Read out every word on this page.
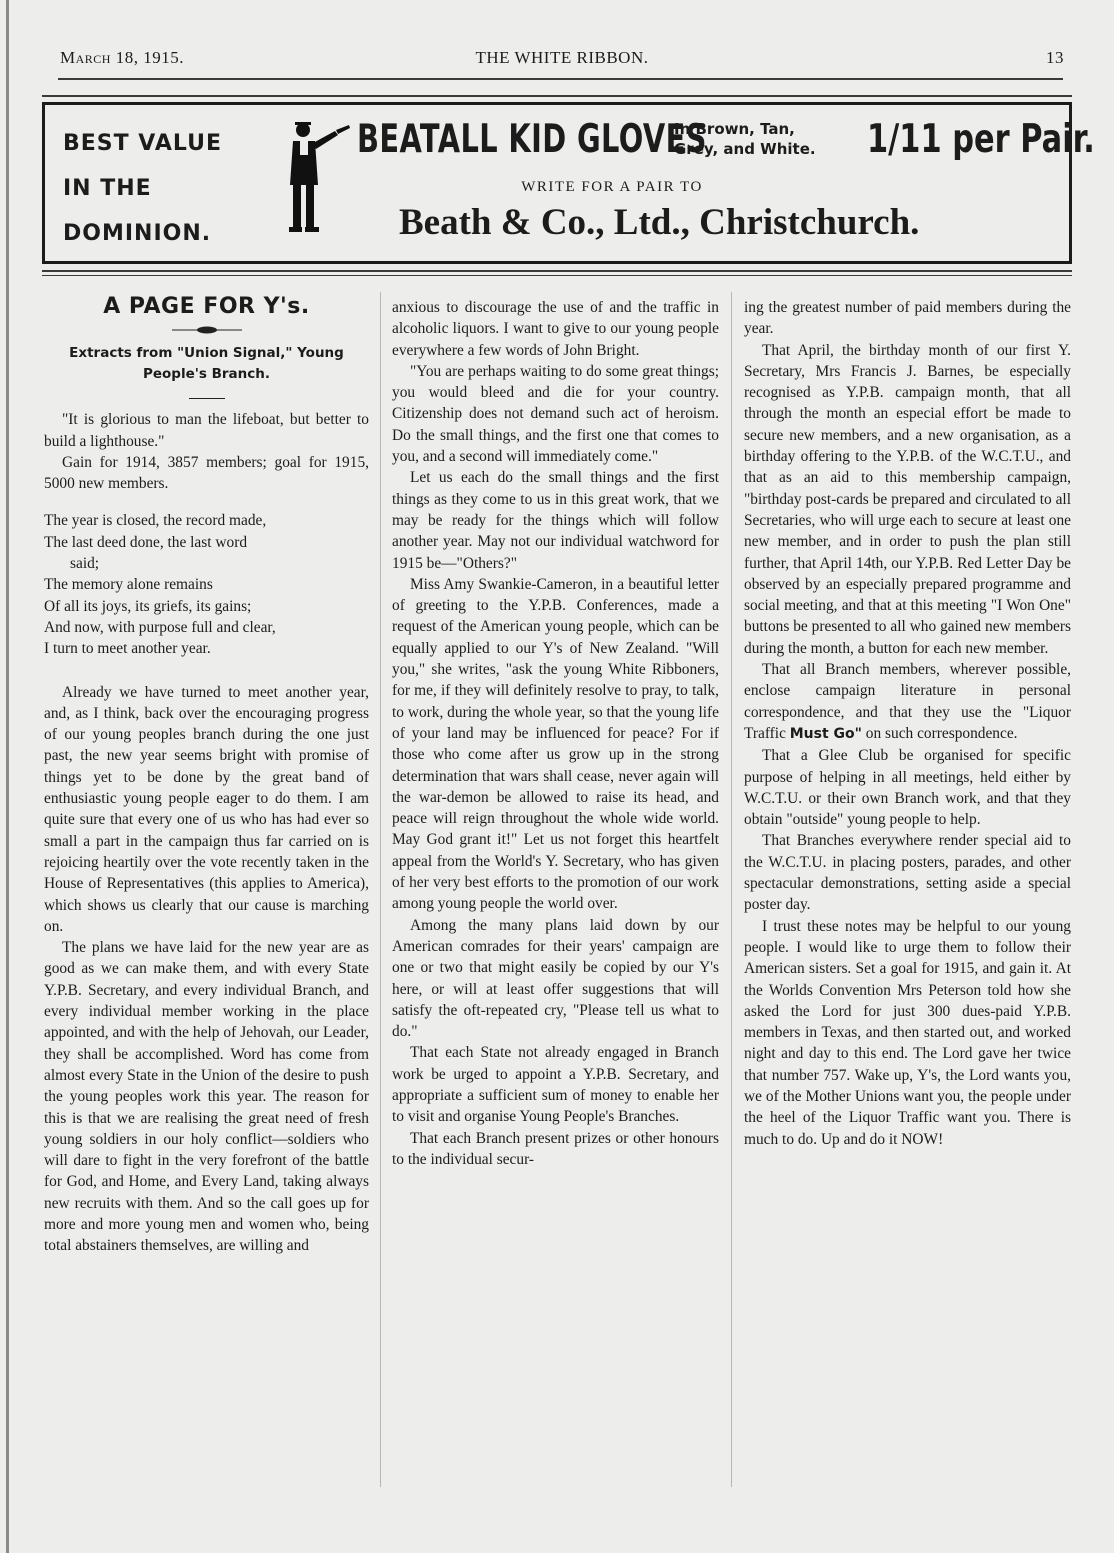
March 18, 1915.	THE WHITE RIBBON.	13
BEST VALUE
IN THE
DOMINION.
BEATALL KID GLOVES
In Brown, Tan,
Grey, and White. 1/11 per Pair.
WRITE FOR A PAIR TO
Beath & Co., Ltd., Christchurch.
A PAGE FOR Y's.
Extracts from "Union Signal," Young
People's Branch.

"It is glorious to man the lifeboat, but better to build a lighthouse."

Gain for 1914, 3857 members; goal for 1915, 5000 new members.

The year is closed, the record made,
The last deed done, the last word
said;
The memory alone remains
Of all its joys, its griefs, its gains;
And now, with purpose full and clear,
I turn to meet another year.

Already we have turned to meet another year, and, as I think, back over the encouraging progress of our young peoples branch during the one just past, the new year seems bright with promise of things yet to be done by the great band of enthusiastic young people eager to do them. I am quite sure that every one of us who has had ever so small a part in the campaign thus far carried on is rejoicing heartily over the vote recently taken in the House of Representatives (this applies to America), which shows us clearly that our cause is marching on.

The plans we have laid for the new year are as good as we can make them, and with every State Y.P.B. Secretary, and every individual Branch, and every individual member working in the place appointed, and with the help of Jehovah, our Leader, they shall be accomplished. Word has come from almost every State in the Union of the desire to push the young peoples work this year. The reason for this is that we are realising the great need of fresh young soldiers in our holy conflict—soldiers who will dare to fight in the very forefront of the battle for God, and Home, and Every Land, taking always new recruits with them. And so the call goes up for more and more young men and women who, being total abstainers themselves, are willing and

anxious to discourage the use of and the traffic in alcoholic liquors. I want to give to our young people everywhere a few words of John Bright.

"You are perhaps waiting to do some great things; you would bleed and die for your country. Citizenship does not demand such act of heroism. Do the small things, and the first one that comes to you, and a second will immediately come."

Let us each do the small things and the first things as they come to us in this great work, that we may be ready for the things which will follow another year. May not our individual watchword for 1915 be—"Others?"

Miss Amy Swankie-Cameron, in a beautiful letter of greeting to the Y.P.B. Conferences, made a request of the American young people, which can be equally applied to our Y's of New Zealand. "Will you," she writes, "ask the young White Ribboners, for me, if they will definitely resolve to pray, to talk, to work, during the whole year, so that the young life of your land may be influenced for peace? For if those who come after us grow up in the strong determination that wars shall cease, never again will the war-demon be allowed to raise its head, and peace will reign throughout the whole wide world. May God grant it!" Let us not forget this heartfelt appeal from the World's Y. Secretary, who has given of her very best efforts to the promotion of our work among young people the world over.

Among the many plans laid down by our American comrades for their years' campaign are one or two that might easily be copied by our Y's here, or will at least offer suggestions that will satisfy the oft-repeated cry, "Please tell us what to do."

That each State not already engaged in Branch work be urged to appoint a Y.P.B. Secretary, and appropriate a sufficient sum of money to enable her to visit and organise Young People's Branches.

That each Branch present prizes or other honours to the individual secur-

ing the greatest number of paid members during the year.

That April, the birthday month of our first Y. Secretary, Mrs Francis J. Barnes, be especially recognised as Y.P.B. campaign month, that all through the month an especial effort be made to secure new members, and a new organisation, as a birthday offering to the Y.P.B. of the W.C.T.U., and that as an aid to this membership campaign, "birthday post-cards be prepared and circulated to all Secretaries, who will urge each to secure at least one new member, and in order to push the plan still further, that April 14th, our Y.P.B. Red Letter Day be observed by an especially prepared programme and social meeting, and that at this meeting "I Won One" buttons be presented to all who gained new members during the month, a button for each new member.

That all Branch members, wherever possible, enclose campaign literature in personal correspondence, and that they use the "Liquor Traffic Must Go" on such correspondence.

That a Glee Club be organised for specific purpose of helping in all meetings, held either by W.C.T.U. or their own Branch work, and that they obtain "outside" young people to help.

That Branches everywhere render special aid to the W.C.T.U. in placing posters, parades, and other spectacular demonstrations, setting aside a special poster day.

I trust these notes may be helpful to our young people. I would like to urge them to follow their American sisters. Set a goal for 1915, and gain it. At the Worlds Convention Mrs Peterson told how she asked the Lord for just 300 dues-paid Y.P.B. members in Texas, and then started out, and worked night and day to this end. The Lord gave her twice that number 757. Wake up, Y's, the Lord wants you, we of the Mother Unions want you, the people under the heel of the Liquor Traffic want you. There is much to do. Up and do it NOW!
